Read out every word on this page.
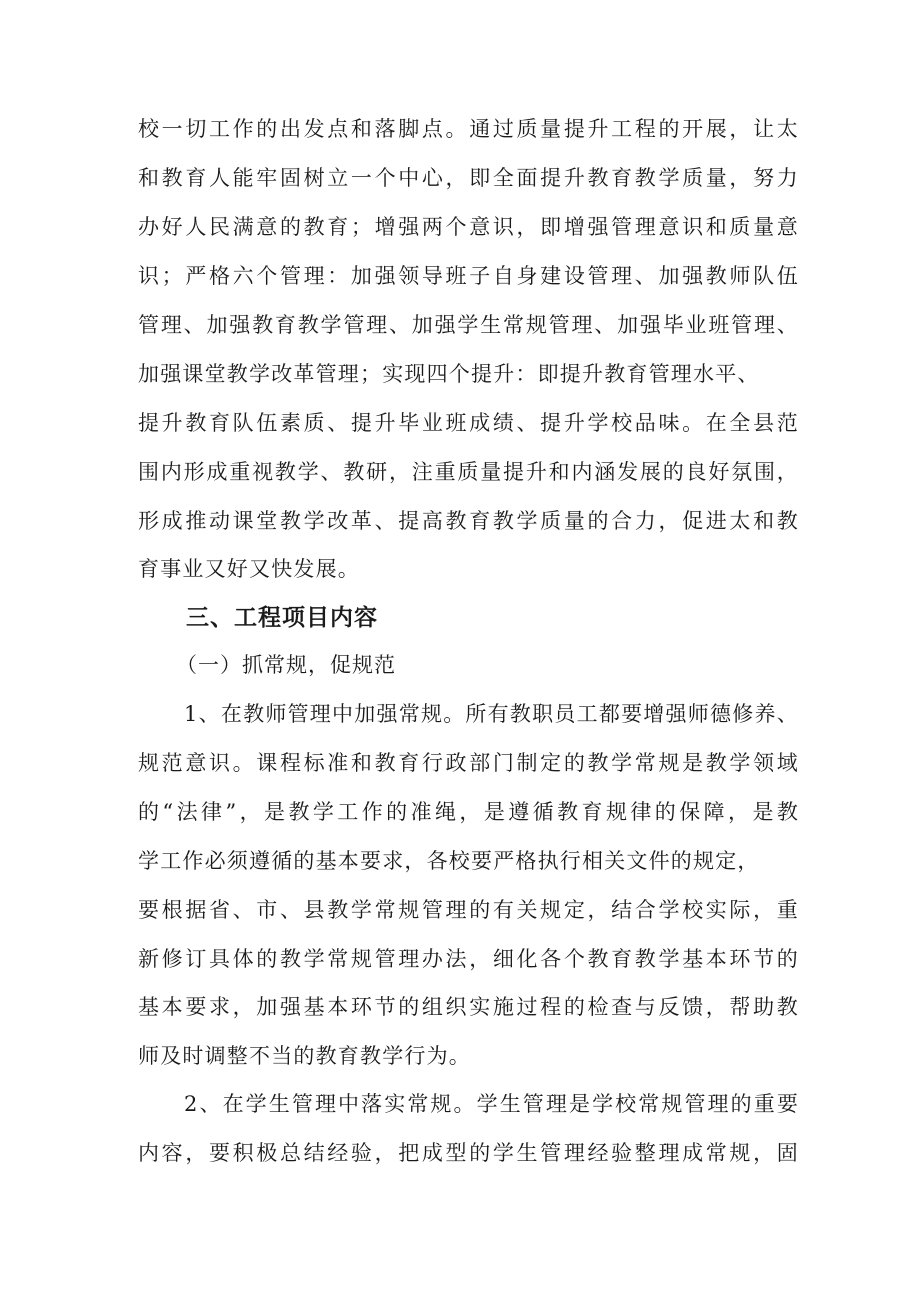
校 一 切 工 作 的 出 发 点 和 落 脚 点 。 通 过 质 量 提 升 工 程 的 开 展 ， 让 太
和 教 育 人 能 牢 固 树 立 一 个 中 心 ， 即 全 面 提 升 教 育 教 学 质 量 ， 努 力
办 好 人 民 满 意 的 教 育 ； 增 强 两 个 意 识 ， 即 增 强 管 理 意 识 和 质 量 意
识 ； 严 格 六 个 管 理 ： 加 强 领 导 班 子 自 身 建 设 管 理 、 加 强 教 师 队 伍
管 理 、 加 强 教 育 教 学 管 理 、 加 强 学 生 常 规 管 理 、 加 强 毕 业 班 管 理 、
加强课堂教学改革管理；实现四个提升：即提升教育管理水平、
提 升 教 育 队 伍 素 质 、 提 升 毕 业 班 成 绩 、 提 升 学 校 品 味 。 在 全 县 范
围 内 形 成 重 视 教 学 、 教 研 ， 注 重 质 量 提 升 和 内 涵 发 展 的 良 好 氛 围 ，
形 成 推 动 课 堂 教 学 改 革 、 提 高 教 育 教 学 质 量 的 合 力 ， 促 进 太 和 教
育事业又好又快发展。
三、工程项目内容
（一）抓常规，促规范
1 、 在 教 师 管 理 中 加 强 常 规 。 所 有 教 职 员 工 都 要 增 强 师 德 修 养 、
规 范 意 识 。 课 程 标 准 和 教 育 行 政 部 门 制 定 的 教 学 常 规 是 教 学 领 域
的 “ 法 律 ” ， 是 教 学 工 作 的 准 绳 ， 是 遵 循 教 育 规 律 的 保 障 ， 是 教
学工作必须遵循的基本要求，各校要严格执行相关文件的规定，
要 根 据 省 、 市 、 县 教 学 常 规 管 理 的 有 关 规 定 ， 结 合 学 校 实 际 ， 重
新 修 订 具 体 的 教 学 常 规 管 理 办 法 ， 细 化 各 个 教 育 教 学 基 本 环 节 的
基 本 要 求 ， 加 强 基 本 环 节 的 组 织 实 施 过 程 的 检 查 与 反 馈 ， 帮 助 教
师及时调整不当的教育教学行为。
2 、 在 学 生 管 理 中 落 实 常 规 。 学 生 管 理 是 学 校 常 规 管 理 的 重 要
内 容 ， 要 积 极 总 结 经 验 ， 把 成 型 的 学 生 管 理 经 验 整 理 成 常 规 ， 固
